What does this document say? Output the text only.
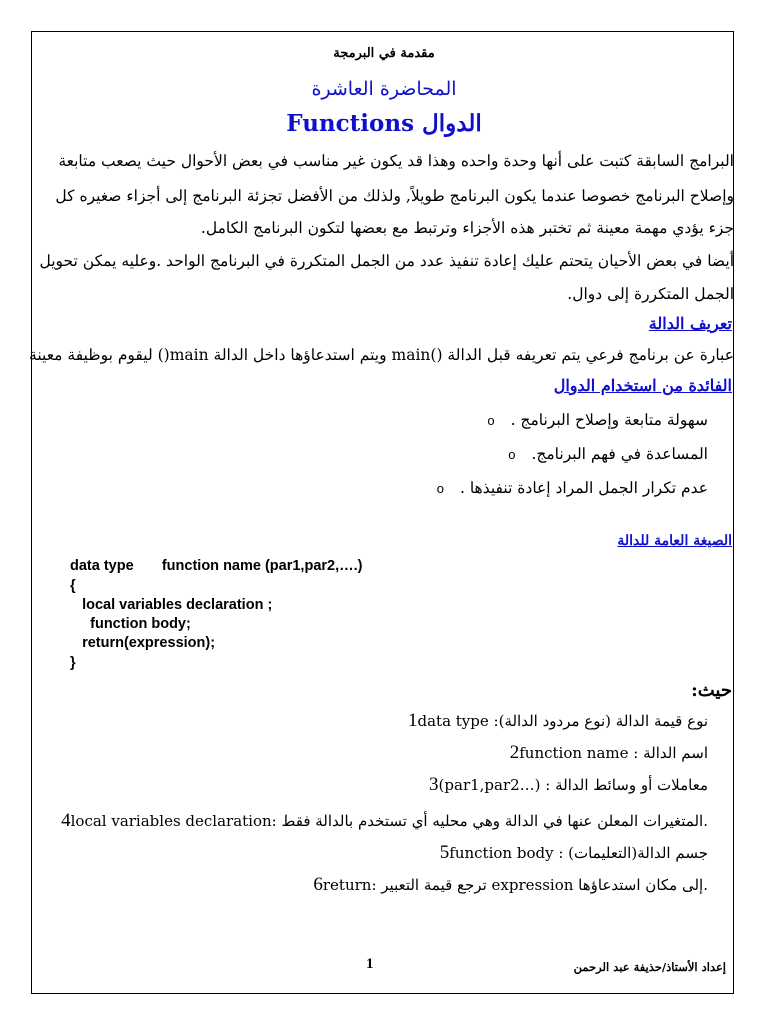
مقدمة في البرمجة
المحاضرة العاشرة
الدوال Functions
البرامج السابقة كتبت على أنها وحدة واحده وهذا قد يكون غير مناسب في بعض الأحوال حيث يصعب متابعة
وإصلاح البرنامج خصوصا عندما يكون البرنامج طويلاً, ولذلك من الأفضل تجزئة البرنامج إلى أجزاء صغيره كل
جزء يؤدي مهمة معينة ثم تختبر هذه الأجزاء وترتبط مع بعضها لتكون البرنامج الكامل.
أيضا في بعض الأحيان يتحتم عليك إعادة تنفيذ عدد من الجمل المتكررة في البرنامج الواحد .وعليه يمكن تحويل
الجمل المتكررة إلى دوال.
تعريف الدالة
عبارة عن برنامج فرعي يتم تعريفه قبل الدالة ()main ويتم استدعاؤها داخل الدالة main() ليقوم بوظيفة معينة
الفائدة من استخدام الدوال
سهولة متابعة وإصلاح البرنامج . o
المساعدة في فهم البرنامج. o
عدم تكرار الجمل المراد إعادة تنفيذها . o
الصيغة العامة للدالة
data type       function name (par1,par2,….)
{
local variables declaration ;
function body;
return(expression);
}
حيث:
1data type :نوع قيمة الدالة (نوع مردود الدالة)
2function name : اسم الدالة
3(par1,par2…) : معاملات أو وسائط الدالة
4local variables declaration: المتغيرات المعلن عنها في الدالة وهي محليه أي تستخدم بالدالة فقط.
5function body : جسم الدالة(التعليمات)
6return: ترجع قيمة التعبير expression إلى مكان استدعاؤها.
1	إعداد الأستاذ/حذيفة عبد الرحمن
